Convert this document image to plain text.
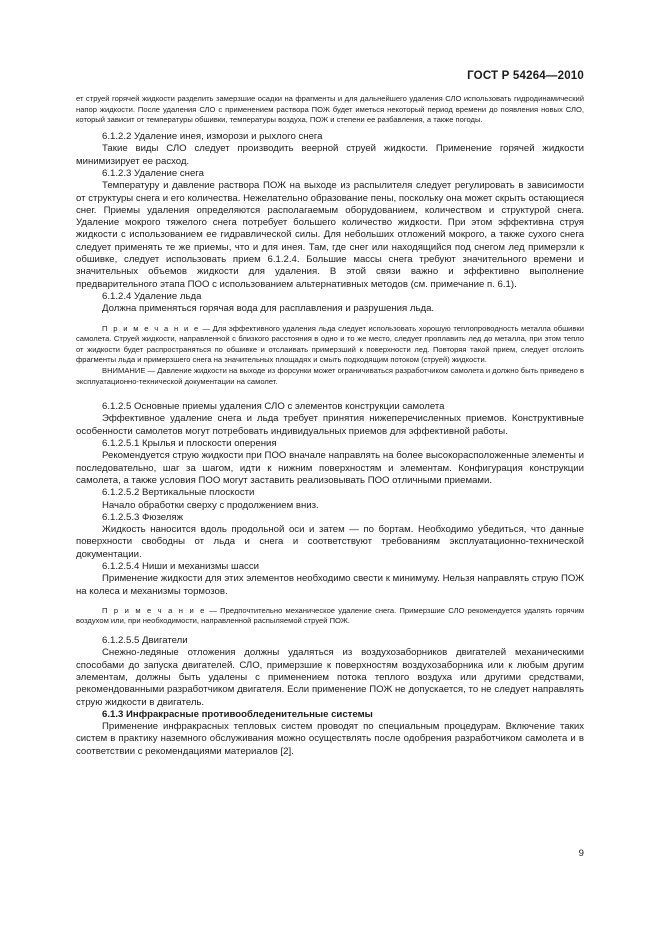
ГОСТ Р 54264—2010

ет струей горячей жидкости разделить замерзшие осадки на фрагменты и для дальнейшего удаления СЛО использовать гидродинамический напор жидкости. После удаления СЛО с применением раствора ПОЖ будет иметься некоторый период времени до появления новых СЛО, который зависит от температуры обшивки, температуры воздуха, ПОЖ и степени ее разбавления, а также погоды.

6.1.2.2 Удаление инея, изморози и рыхлого снега

Такие виды СЛО следует производить веерной струей жидкости. Применение горячей жидкости минимизирует ее расход.

6.1.2.3 Удаление снега

Температуру и давление раствора ПОЖ на выходе из распылителя следует регулировать в зависимости от структуры снега и его количества. Нежелательно образование пены, поскольку она может скрыть остающиеся снег. Приемы удаления определяются располагаемым оборудованием, количеством и структурой снега. Удаление мокрого тяжелого снега потребует большего количество жидкости. При этом эффективна струя жидкости с использованием ее гидравлической силы. Для небольших отложений мокрого, а также сухого снега следует применять те же приемы, что и для инея. Там, где снег или находящийся под снегом лед примерзли к обшивке, следует использовать прием 6.1.2.4. Большие массы снега требуют значительного времени и значительных объемов жидкости для удаления. В этой связи важно и эффективно выполнение предварительного этапа ПОО с использованием альтернативных методов (см. примечание п. 6.1).

6.1.2.4 Удаление льда

Должна применяться горячая вода для расплавления и разрушения льда.

П р и м е ч а н и е — Для эффективного удаления льда следует использовать хорошую теплопроводность металла обшивки самолета. Струей жидкости, направленной с близкого расстояния в одно и то же место, следует проплавить лед до металла, при этом тепло от жидкости будет распространяться по обшивке и отслаивать примерзший к поверхности лед. Повторяя такой прием, следует отслоить фрагменты льда и примерзшего снега на значительных площадях и смыть подходящим потоком (струей) жидкости.

ВНИМАНИЕ — Давление жидкости на выходе из форсунки может ограничиваться разработчиком самолета и должно быть приведено в эксплуатационно-технической документации на самолет.

6.1.2.5 Основные приемы удаления СЛО с элементов конструкции самолета

Эффективное удаление снега и льда требует принятия нижеперечисленных приемов. Конструктивные особенности самолетов могут потребовать индивидуальных приемов для эффективной работы.

6.1.2.5.1 Крылья и плоскости оперения

Рекомендуется струю жидкости при ПОО вначале направлять на более высокорасположенные элементы и последовательно, шаг за шагом, идти к нижним поверхностям и элементам. Конфигурация конструкции самолета, а также условия ПОО могут заставить реализовывать ПОО отличными приемами.

6.1.2.5.2 Вертикальные плоскости

Начало обработки сверху с продолжением вниз.

6.1.2.5.3 Фюзеляж

Жидкость наносится вдоль продольной оси и затем — по бортам. Необходимо убедиться, что данные поверхности свободны от льда и снега и соответствуют требованиям эксплуатационно-технической документации.

6.1.2.5.4 Ниши и механизмы шасси

Применение жидкости для этих элементов необходимо свести к минимуму. Нельзя направлять струю ПОЖ на колеса и механизмы тормозов.

П р и м е ч а н и е — Предпочтительно механическое удаление снега. Примерзшие СЛО рекомендуется удалять горячим воздухом или, при необходимости, направленной распыляемой струей ПОЖ.

6.1.2.5.5 Двигатели

Снежно-ледяные отложения должны удаляться из воздухозаборников двигателей механическими способами до запуска двигателей. СЛО, примерзшие к поверхностям воздухозаборника или к любым другим элементам, должны быть удалены с применением потока теплого воздуха или другими средствами, рекомендованными разработчиком двигателя. Если применение ПОЖ не допускается, то не следует направлять струю жидкости в двигатель.

6.1.3 Инфракрасные противообледенительные системы

Применение инфракрасных тепловых систем проводят по специальным процедурам. Включение таких систем в практику наземного обслуживания можно осуществлять после одобрения разработчиком самолета и в соответствии с рекомендациями материалов [2].

9
